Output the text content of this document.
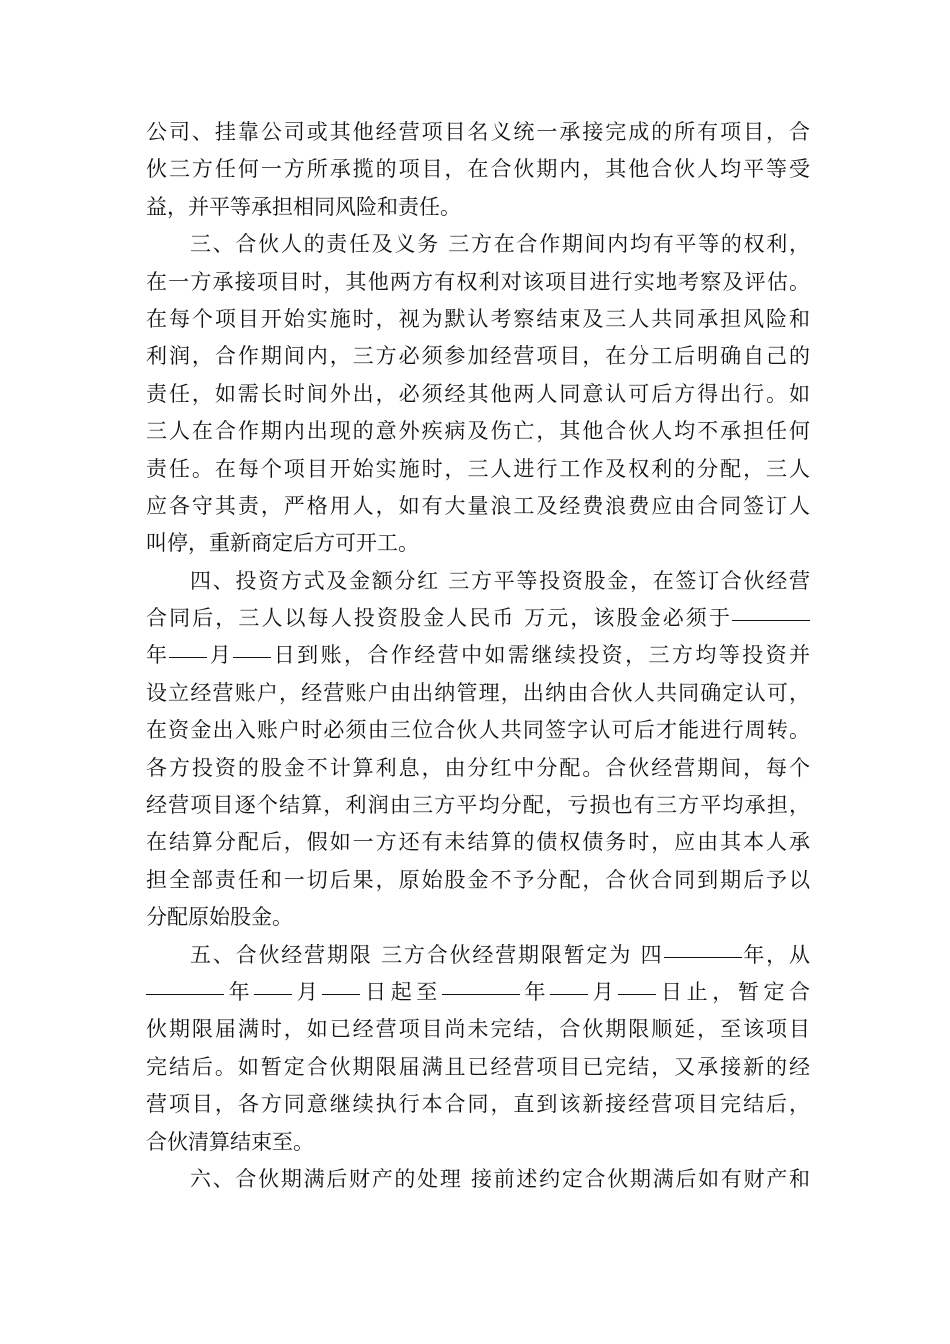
公司、挂靠公司或其他经营项目名义统一承接完成的所有项目，合
伙三方任何一方所承揽的项目，在合伙期内，其他合伙人均平等受
益，并平等承担相同风险和责任。
三、合伙人的责任及义务 三方在合作期间内均有平等的权利，
在一方承接项目时，其他两方有权利对该项目进行实地考察及评估。
在每个项目开始实施时，视为默认考察结束及三人共同承担风险和
利润，合作期间内，三方必须参加经营项目，在分工后明确自己的
责任，如需长时间外出，必须经其他两人同意认可后方得出行。如
三人在合作期内出现的意外疾病及伤亡，其他合伙人均不承担任何
责任。在每个项目开始实施时，三人进行工作及权利的分配，三人
应各守其责，严格用人，如有大量浪工及经费浪费应由合同签订人
叫停，重新商定后方可开工。
四、投资方式及金额分红 三方平等投资股金，在签订合伙经营
合同后，三人以每人投资股金人民币 万元，该股金必须于
年 月 日到账，合作经营中如需继续投资，三方均等投资并
设立经营账户，经营账户由出纳管理，出纳由合伙人共同确定认可，
在资金出入账户时必须由三位合伙人共同签字认可后才能进行周转。
各方投资的股金不计算利息，由分红中分配。合伙经营期间，每个
经营项目逐个结算，利润由三方平均分配，亏损也有三方平均承担，
在结算分配后，假如一方还有未结算的债权债务时，应由其本人承
担全部责任和一切后果，原始股金不予分配，合伙合同到期后予以
分配原始股金。
五、合伙经营期限 三方合伙经营期限暂定为 四	年，从
年 月 日起至	年 月 日止，暂定合
伙期限届满时，如已经营项目尚未完结，合伙期限顺延，至该项目
完结后。如暂定合伙期限届满且已经营项目已完结，又承接新的经
营项目，各方同意继续执行本合同，直到该新接经营项目完结后，
合伙清算结束至。
六、合伙期满后财产的处理 接前述约定合伙期满后如有财产和
